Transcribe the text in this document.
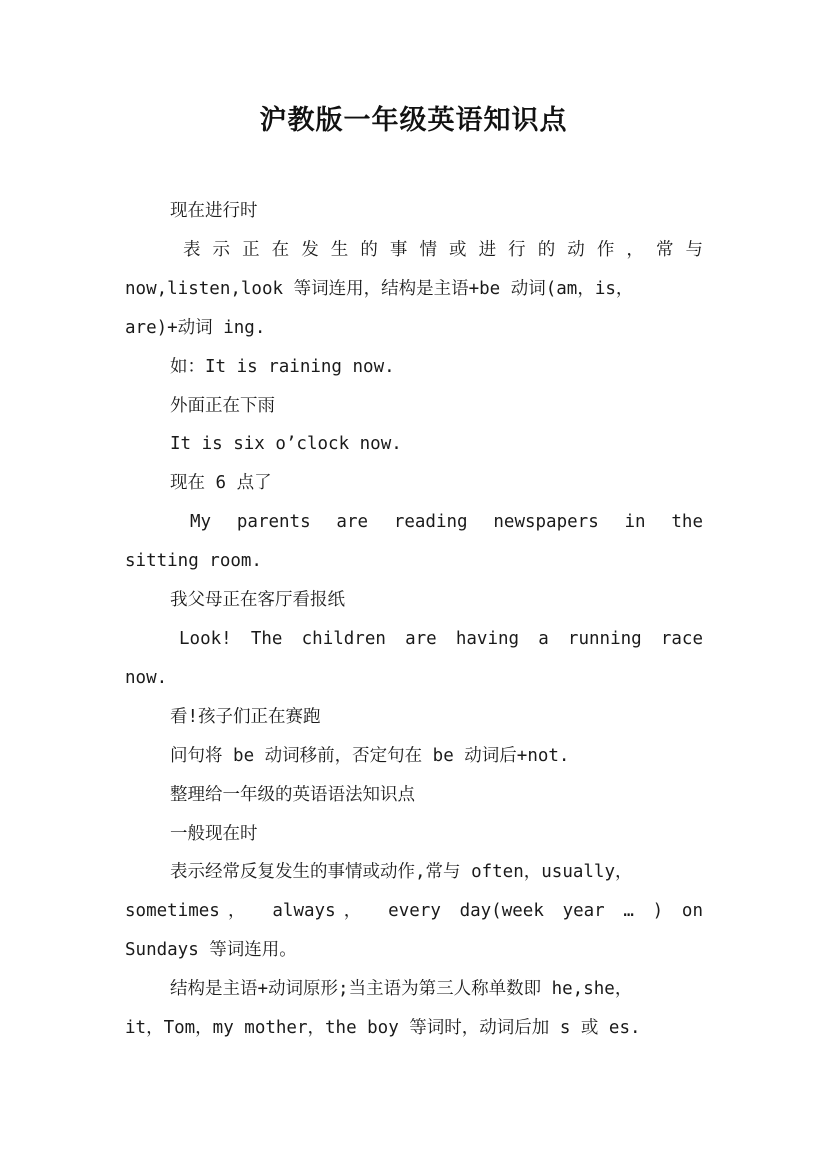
沪教版一年级英语知识点

现在进行时

表 示 正 在 发 生 的 事 情 或 进 行 的 动 作 ， 常 与

now,listen,look 等词连用，结构是主语+be 动词(am，is，

are)+动词 ing.

如：It is raining now.

外面正在下雨

It is six o’clock now.

现在 6 点了

My parents are reading newspapers in the

sitting room.

我父母正在客厅看报纸

Look! The children are having a running race

now.

看!孩子们正在赛跑

问句将 be 动词移前，否定句在 be 动词后+not.

整理给一年级的英语语法知识点

一般现在时

表示经常反复发生的事情或动作,常与 often，usually，

sometimes， always， every day(week year … ) on

Sundays 等词连用。

结构是主语+动词原形;当主语为第三人称单数即 he,she，

it，Tom，my mother，the boy 等词时，动词后加 s 或 es.
